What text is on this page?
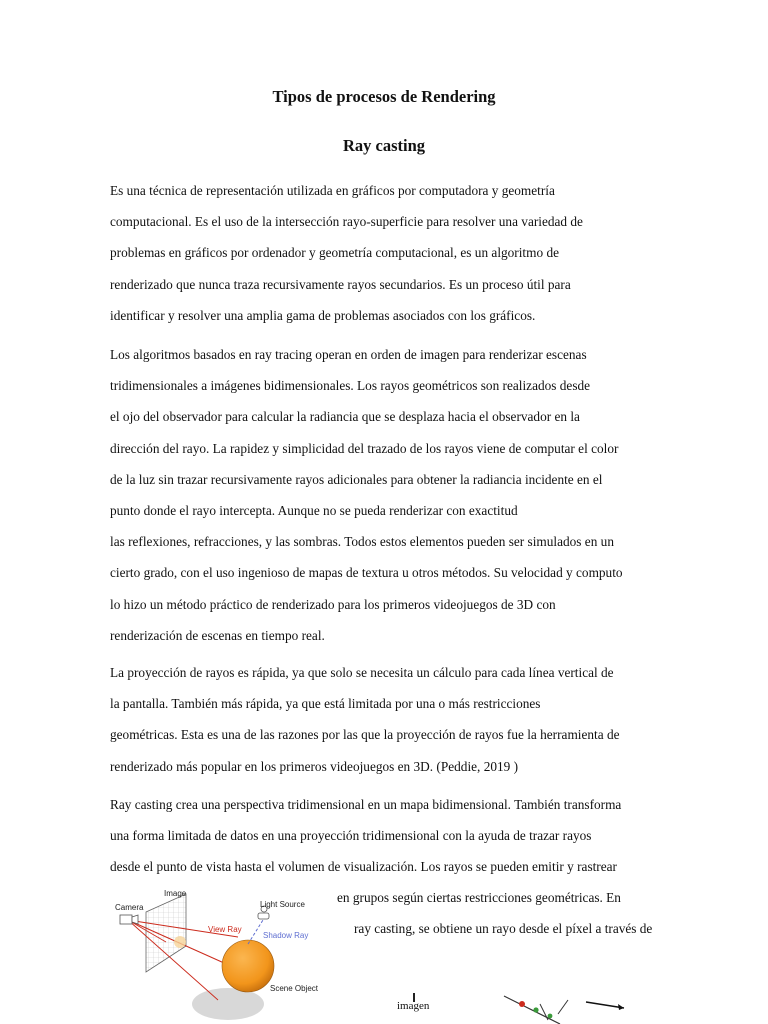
Tipos de procesos de Rendering
Ray casting

Es una técnica de representación utilizada en gráficos por computadora y geometría
computacional. Es el uso de la intersección rayo-superficie para resolver una variedad de
problemas en gráficos por ordenador y geometría computacional, es un algoritmo de
renderizado que nunca traza recursivamente rayos secundarios. Es un proceso útil para
identificar y resolver una amplia gama de problemas asociados con los gráficos.

Los algoritmos basados en ray tracing operan en orden de imagen para renderizar escenas
tridimensionales a imágenes bidimensionales. Los rayos geométricos son realizados desde
el ojo del observador para calcular la radiancia que se desplaza hacia el observador en la
dirección del rayo. La rapidez y simplicidad del trazado de los rayos viene de computar el color
de la luz sin trazar recursivamente rayos adicionales para obtener la radiancia incidente en el
punto donde el rayo intercepta. Aunque no se pueda renderizar con exactitud
las reflexiones, refracciones, y las sombras. Todos estos elementos pueden ser simulados en un
cierto grado, con el uso ingenioso de mapas de textura u otros métodos. Su velocidad y computo
lo hizo un método práctico de renderizado para los primeros videojuegos de 3D con
renderización de escenas en tiempo real.

La proyección de rayos es rápida, ya que solo se necesita un cálculo para cada línea vertical de
la pantalla. También más rápida, ya que está limitada por una o más restricciones
geométricas. Esta es una de las razones por las que la proyección de rayos fue la herramienta de
renderizado más popular en los primeros videojuegos en 3D. (Peddie, 2019 )

Ray casting crea una perspectiva tridimensional en un mapa bidimensional. También transforma
una forma limitada de datos en una proyección tridimensional con la ayuda de trazar rayos
desde el punto de vista hasta el volumen de visualización. Los rayos se pueden emitir y rastrear

en grupos según ciertas restricciones geométricas. En

ray casting, se obtiene un rayo desde el píxel a través de

Camera
Image
Light Source
View Ray
Shadow Ray
Scene Object
imagen
